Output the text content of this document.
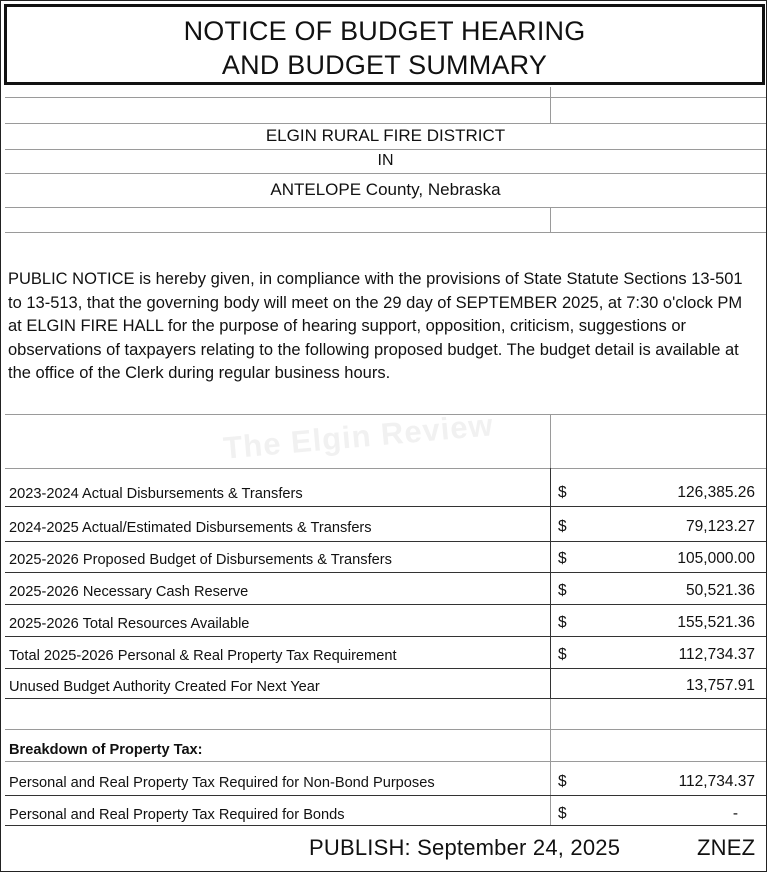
NOTICE OF BUDGET HEARING
AND BUDGET SUMMARY
ELGIN RURAL FIRE DISTRICT
IN
ANTELOPE County, Nebraska
PUBLIC NOTICE is hereby given, in compliance with the provisions of State Statute Sections 13-501 to 13-513, that the governing body will meet on the 29 day of SEPTEMBER 2025, at 7:30 o'clock PM at ELGIN FIRE HALL for the purpose of hearing support, opposition, criticism, suggestions or observations of taxpayers relating to the following proposed budget. The budget detail is available at the office of the Clerk during regular business hours.
The Elgin Review
2023-2024 Actual Disbursements & Transfers	$	126,385.26
2024-2025 Actual/Estimated Disbursements & Transfers	$	79,123.27
2025-2026 Proposed Budget of Disbursements & Transfers	$	105,000.00
2025-2026 Necessary Cash Reserve	$	50,521.36
2025-2026 Total Resources Available	$	155,521.36
Total 2025-2026 Personal & Real Property Tax Requirement	$	112,734.37
Unused Budget Authority Created For Next Year	13,757.91
Breakdown of Property Tax:
Personal and Real Property Tax Required for Non-Bond Purposes	$	112,734.37
Personal and Real Property Tax Required for Bonds	$	-
PUBLISH: September 24, 2025	ZNEZ
